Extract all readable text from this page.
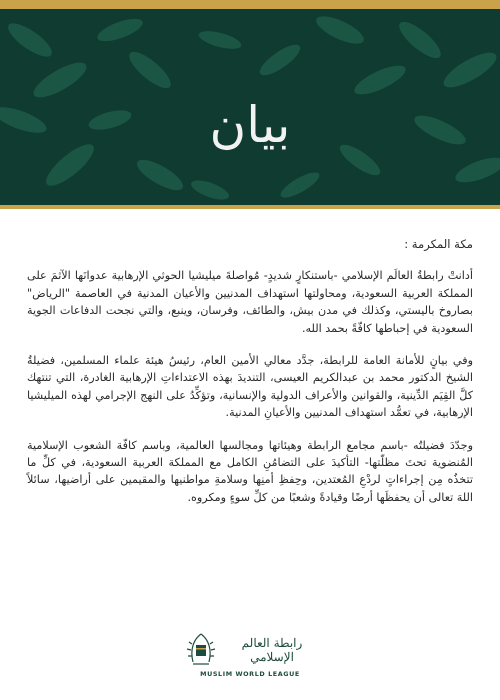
بيان

مكة المكرمة :

أدانتْ رابطةُ العالَم الإسلامي -باستنكارٍ شديدٍ- مُواصلةَ ميليشيا الحوثي الإرهابية عدوانَها الآثمَ على المملكة العربية السعودية، ومحاولتها استهداف المدنيين والأعيان المدنية في العاصمة "الرياض" بصاروخ باليستي، وكذلك في مدن بيش، والطائف، وفرسان، وينبع، والتي نجحت الدفاعات الجوية السعودية في إحباطها كافّةً بحمد الله.

وفي بيانٍ للأمانة العامة للرابطة، جدَّد معالي الأمين العام، رئيسُ هيئة علماء المسلمين، فضيلةُ الشيخ الدكتور محمد بن عبدالكريم العيسى، التنديدَ بهذه الاعتداءاتِ الإرهابية الغادرة، التي تنتهك كلَّ القِيَم الدِّينية، والقوانين والأعراف الدولية والإنسانية، وتؤكِّدُ على النهج الإجرامي لهذه الميليشيا الإرهابية، في تعمُّد استهداف المدنيين والأعيانِ المدنية.

وجدّدَ فضيلتُه -باسم مجامع الرابطة وهيئاتها ومجالسها العالمية، وباسم كافّة الشعوب الإسلامية المُنضوية تحتَ مظلّتها- التأكيدَ على التضامُنِ الكامل مع المملكة العربية السعودية، في كلِّ ما تتخذُه مِن إجراءاتٍ لردْعِ المُعتدين، وحِفظِ أمنِها وسلامةِ مواطنيها والمقيمين على أراضيها، سائلاً اللهَ تعالى أن يحفظَها أرضًا وقيادةً وشعبًا من كلِّ سوءٍ ومكروه.

رابطة العالم الإسلامي
MUSLIM WORLD LEAGUE
